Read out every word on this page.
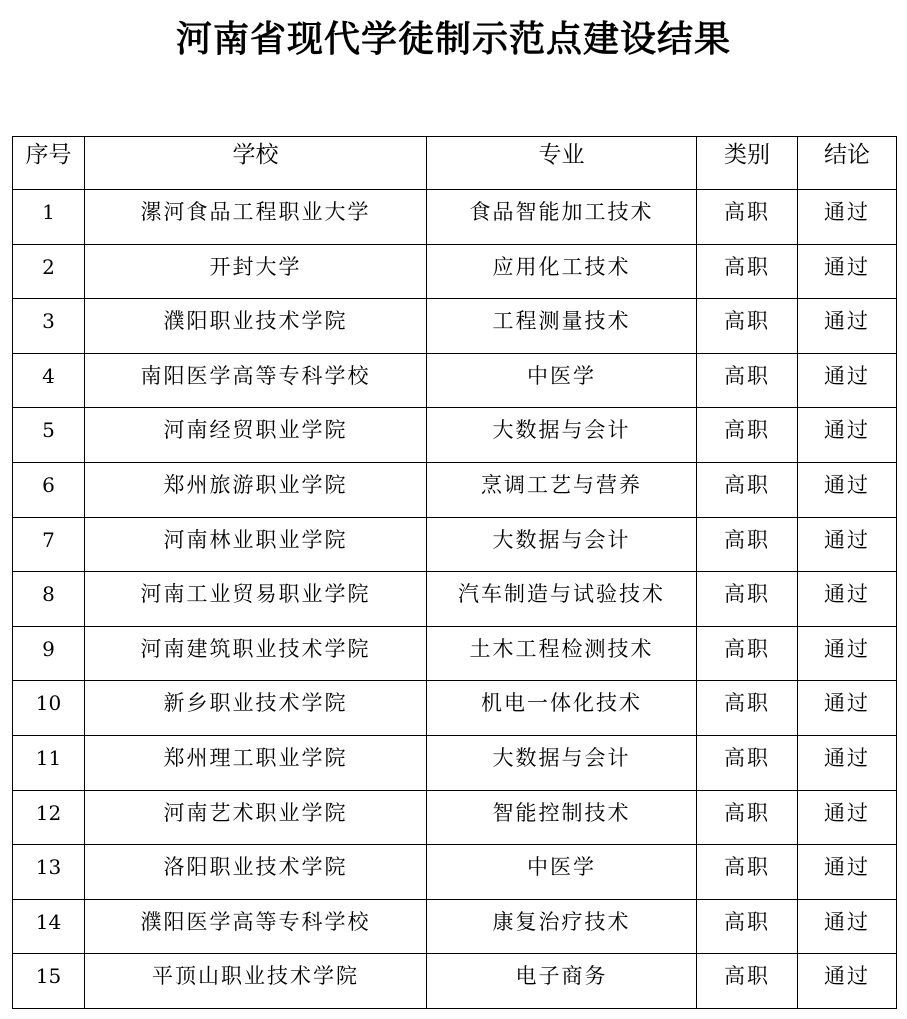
河南省现代学徒制示范点建设结果
序号	学校	专业	类别	结论
1	漯河食品工程职业大学	食品智能加工技术	高职	通过
2	开封大学	应用化工技术	高职	通过
3	濮阳职业技术学院	工程测量技术	高职	通过
4	南阳医学高等专科学校	中医学	高职	通过
5	河南经贸职业学院	大数据与会计	高职	通过
6	郑州旅游职业学院	烹调工艺与营养	高职	通过
7	河南林业职业学院	大数据与会计	高职	通过
8	河南工业贸易职业学院	汽车制造与试验技术	高职	通过
9	河南建筑职业技术学院	土木工程检测技术	高职	通过
10	新乡职业技术学院	机电一体化技术	高职	通过
11	郑州理工职业学院	大数据与会计	高职	通过
12	河南艺术职业学院	智能控制技术	高职	通过
13	洛阳职业技术学院	中医学	高职	通过
14	濮阳医学高等专科学校	康复治疗技术	高职	通过
15	平顶山职业技术学院	电子商务	高职	通过
